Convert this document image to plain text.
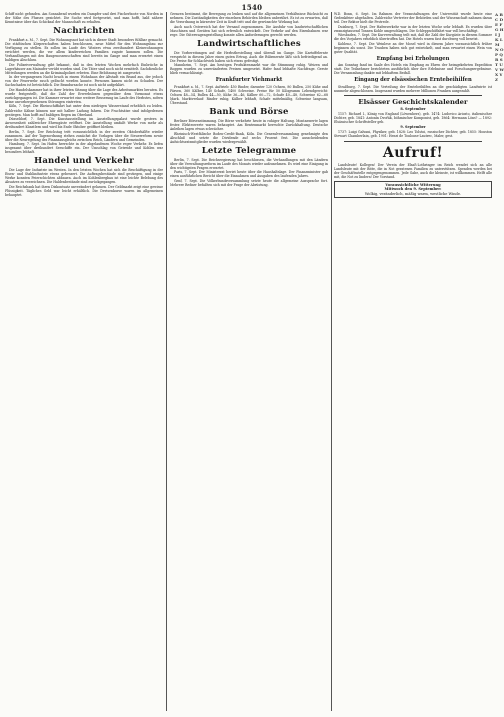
1540

Schiff nicht gefunden. Am Sonnabend wurden ein Dampfer und drei Fischerboote von Norden in der Nähe des Flusses gesichtet. Die Suche wird fortgesetzt, und man hofft, bald nähere Kenntnisse über das Schicksal der Mannschaft zu erhalten.

Nachrichten

Frankfurt a. M., 7. Sept. Die Wohnungsnot hat sich in dieser Stadt besonders fühlbar gemacht. Die städtischen Körperschaften haben beschlossen, neue Mittel für den Wohnungsbau zur Verfügung zu stellen. Es sollen im Laufe des Winters etwa zweihundert Kleinwohnungen errichtet werden, die vor allem kinderreichen Familien zugute kommen sollen. Die Verhandlungen mit den Baugenossenschaften sind bereits im Gange und man erwartet einen baldigen Abschluss.

Die Polizeiverwaltung gibt bekannt, daß in den letzten Wochen mehrfach Einbrüche in Lagerhäuser am Mainufer verübt worden sind. Die Täter sind noch nicht ermittelt. Sachdienliche Mitteilungen werden an die Kriminalpolizei erbeten. Eine Belohnung ist ausgesetzt.

In der vergangenen Nacht brach in einem Wohnhaus der Altstadt ein Brand aus, der jedoch von der Feuerwehr rasch gelöscht werden konnte. Personen kamen nicht zu Schaden. Der Sachschaden ist beträchtlich. Die Brandursache ist noch nicht aufgeklärt.

Die Handelskammer hat in ihrer letzten Sitzung über die Lage des Arbeitsmarktes beraten. Es wurde festgestellt, daß die Zahl der Erwerbslosen gegenüber dem Vormonat etwas zurückgegangen ist. Die Kammer erwartet eine weitere Besserung im Laufe des Herbstes, sofern keine unvorhergesehenen Störungen eintreten.

Köln, 7. Sept. Die Rheinschiffahrt hat unter dem niedrigen Wasserstand erheblich zu leiden. Zahlreiche Kähne können nur mit halber Ladung fahren. Die Frachtsätze sind infolgedessen gestiegen. Man hofft auf baldigen Regen im Oberland.

Düsseldorf, 7. Sept. Die Kunstausstellung im Ausstellungspalast wurde gestern in Anwesenheit zahlreicher Ehrengäste eröffnet. Die Ausstellung umfaßt Werke von mehr als dreihundert Künstlern und wird bis Ende Oktober geöffnet bleiben.

Berlin, 7. Sept. Der Reichstag tritt voraussichtlich in der zweiten Oktoberhälfte wieder zusammen. Auf der Tagesordnung stehen zunächst die Vorlagen über die Steuerreform sowie über die Neuregelung des Finanzausgleichs zwischen Reich, Ländern und Gemeinden.

Hamburg, 7. Sept. Im Hafen herrschte in der abgelaufenen Woche reger Verkehr. Es liefen insgesamt über dreihundert Seeschiffe ein. Der Umschlag von Getreide und Kohlen war besonders lebhaft.

Handel und Verkehr

Die Lage der Industrie im Westen. In den letzten Wochen hat sich die Beschäftigung in der Eisen- und Stahlindustrie etwas gebessert. Die Auftragsbestände sind gestiegen, und einige Werke konnten Feierschichten abbauen. Auch im Kohlenbergbau ist eine leichte Belebung des Absatzes zu verzeichnen. Die Haldenbestände sind zurückgegangen.

Die Reichsbank hat ihren Diskontsatz unverändert gelassen. Der Geldmarkt zeigt eine gewisse Flüssigkeit. Tägliches Geld war leicht erhältlich. Die Devisenkurse waren im allgemeinen behauptet.

Grenzen bestimmt, die Bewegung zu lenken und auf die allgemeinen Verhältnisse Rücksicht zu nehmen. Die Zuständigkeiten der einzelnen Behörden bleiben unberührt. Es ist zu erwarten, daß die Verordnung in kürzester Zeit in Kraft tritt und die gewünschte Wirkung hat.

Auch nach Osterreich hat der Versand zugenommen. Die Ausfuhr von landwirtschaftlichen Maschinen und Geräten hat sich erfreulich entwickelt. Der Verkehr auf den Eisenbahnen war rege. Die Güterwagengestellung konnte allen Anforderungen gerecht werden.

Landwirtschaftliches

Die Vorbereitungen auf die Herbstbestellung sind überall im Gange. Die Kartoffelernte verspricht in diesem Jahre einen guten Ertrag. Auch die Rübenernte läßt sich befriedigend an. Die Preise für Schlachtvieh haben sich etwas gefestigt.

Mannheim, 7. Sept. Am heutigen Produktenmarkt war die Stimmung ruhig. Weizen und Roggen wurden zu unveränderten Preisen umgesetzt. Hafer fand lebhafte Nachfrage. Gerste blieb vernachlässigt.

Frankfurter Viehmarkt

Frankfurt a. M., 7. Sept. Auftrieb: 450 Rinder, darunter 120 Ochsen, 80 Bullen, 250 Kühe und Färsen, 360 Kälber, 140 Schafe, 1400 Schweine. Preise für 50 Kilogramm Lebendgewicht: Ochsen 48—54, Bullen 44—50, Kühe 36—46, Kälber 60—72, Schafe 40—48, Schweine 62—68 Mark. Marktverlauf: Rinder ruhig, Kälber lebhaft, Schafe mittelmäßig, Schweine langsam, Überstand.

Bank und Börse

Berliner Börsenstimmung. Die Börse verkehrte heute in ruhiger Haltung. Montanwerte lagen fester. Elektrowerte waren behauptet. Am Rentenmarkt herrschte Zurückhaltung. Deutsche Anleihen lagen etwas schwächer.

Rheinisch-Westfälische Boden-Credit-Bank, Köln. Die Generalversammlung genehmigte den Abschluß und setzte die Dividende auf sechs Prozent fest. Die ausscheidenden Aufsichtsratsmitglieder wurden wiedergewählt.

Letzte Telegramme

Berlin, 7. Sept. Die Reichsregierung hat beschlossen, die Verhandlungen mit den Ländern über die Verwaltungsreform im Laufe des Monats wieder aufzunehmen. Es wird eine Einigung in den wichtigsten Fragen erwartet.

Paris, 7. Sept. Der Ministerrat beriet heute über die Haushaltslage. Der Finanzminister gab einen ausführlichen Bericht über die Einnahmen und Ausgaben des laufenden Jahres.

Genf, 7. Sept. Die Völkerbundsversammlung setzte heute die allgemeine Aussprache fort. Mehrere Redner befaßten sich mit der Frage der Abrüstung.

W.D. Bonn, 6. Sept. Im Rahmen der Veranstaltungen der Universität wurde heute eine Gedenkfeier abgehalten. Zahlreiche Vertreter der Behörden und der Wissenschaft nahmen daran teil. Der Rektor hielt die Festrede.

Duisburg, 7. Sept. Der Hafenverkehr war in der letzten Woche sehr lebhaft. Es wurden über zwanzigtausend Tonnen Kohle umgeschlagen. Die Schleppschiffahrt war voll beschäftigt.

Wiesbaden, 7. Sept. Die Kurverwaltung teilt mit, daß die Zahl der Kurgäste in diesem Sommer die des Vorjahres erheblich übertroffen hat. Die Hotels waren fast durchweg voll besetzt.

Koblenz, 7. Sept. Die Weinlese an der Mosel wird in diesem Jahre voraussichtlich früher beginnen als sonst. Die Trauben haben sich gut entwickelt, und man erwartet einen Wein von guter Qualität.

Empfang bei Erholungen

Am Sonntag fand im Saale des Hotels ein Empfang zu Ehren der heimgekehrten Expedition statt. Die Teilnehmer berichteten ausführlich über ihre Erlebnisse und Forschungsergebnisse. Die Versammlung dankte mit lebhaftem Beifall.

Eingang der elsässischen Erntebeihilfen

Straßburg, 7. Sept. Die Verteilung der Erntebeihilfen an die geschädigten Landwirte ist nunmehr abgeschlossen. Insgesamt wurden mehrere Millionen Franken ausgezahlt.

Elsässer Geschichtskalender
8. September

1157: Richard I., König von England (Löwenherz), geb. 1474: Ludovico Ariosto, italienischer Dichter, geb. 1841: Antonín Dvořák, böhmischer Komponist, geb. 1864: Hermann Löns? — 1892: Elsässischer Schriftsteller geb.

9. September

1737: Luigi Galvani, Physiker, geb. 1828: Leo Tolstoi, russischer Dichter, geb. 1855: Houston Stewart Chamberlain, geb. 1901: Henri de Toulouse-Lautrec, Maler, gest.

Aufruf!

Landsleute! Kollegen! Der Verein der Elsaß-Lothringer im Reich wendet sich an alle Landsleute mit der Bitte, die in Not geratenen Familien zu unterstützen. Spenden werden bei der Geschäftsstelle entgegengenommen. Jede Gabe, auch die kleinste, ist willkommen. Helft alle mit, die Not zu lindern! Der Vorstand.

Voraussichtliche Witterung
Mittwoch den 9. September:
Wolkig, veränderlich, mäßig warm, westliche Winde.
A B C D E F G H I J K L M N O P Q R S T U V W X Y Z
